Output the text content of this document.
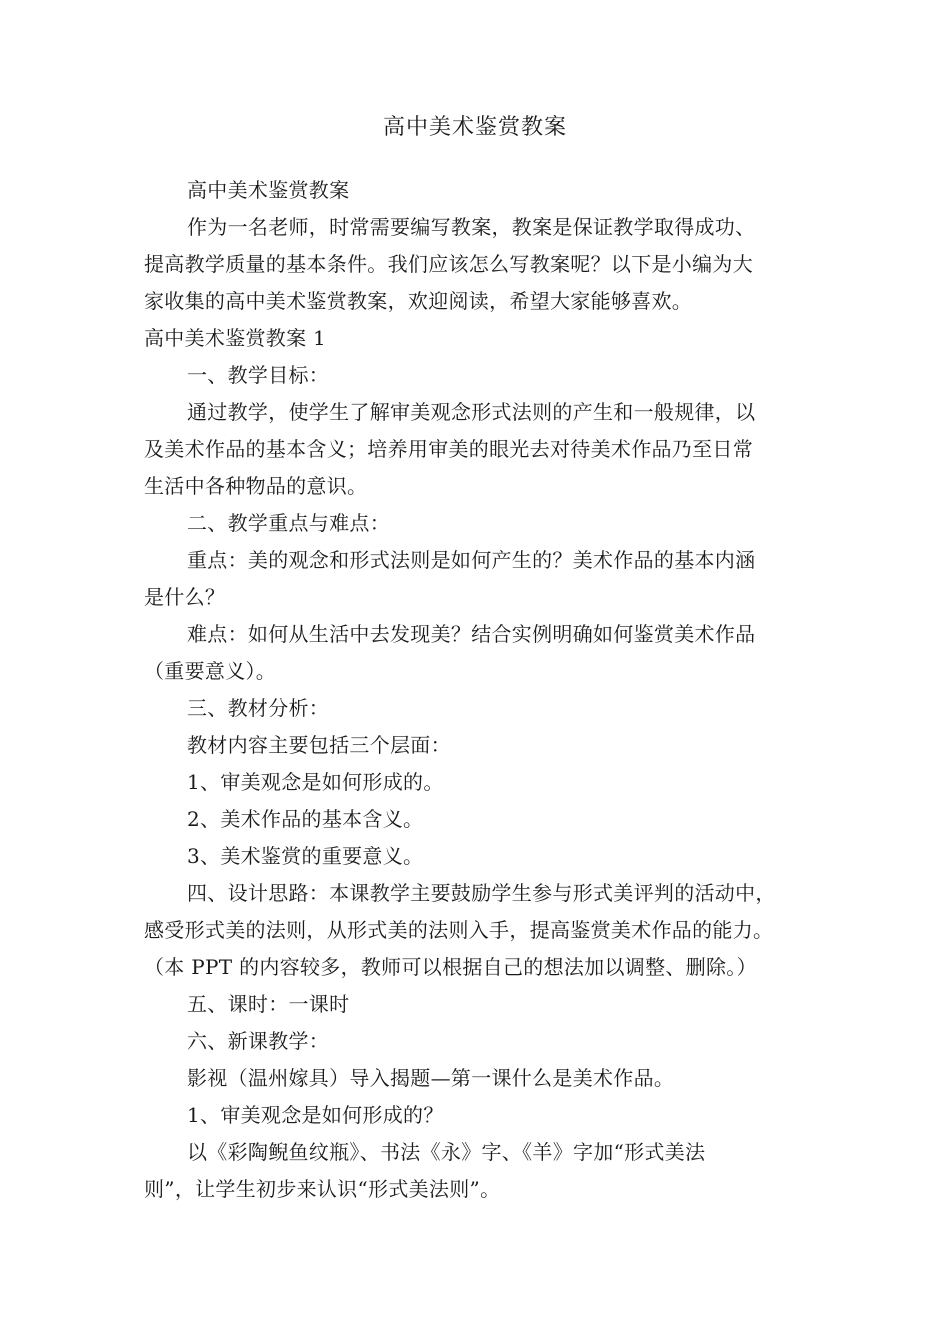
高中美术鉴赏教案
高中美术鉴赏教案
作为一名老师，时常需要编写教案，教案是保证教学取得成功、
提高教学质量的基本条件。我们应该怎么写教案呢？以下是小编为大
家收集的高中美术鉴赏教案，欢迎阅读，希望大家能够喜欢。
高中美术鉴赏教案 1
一、教学目标：
通过教学，使学生了解审美观念形式法则的产生和一般规律，以
及美术作品的基本含义；培养用审美的眼光去对待美术作品乃至日常
生活中各种物品的意识。
二、教学重点与难点：
重点：美的观念和形式法则是如何产生的？美术作品的基本内涵
是什么？
难点：如何从生活中去发现美？结合实例明确如何鉴赏美术作品
（重要意义）。
三、教材分析：
教材内容主要包括三个层面：
1、审美观念是如何形成的。
2、美术作品的基本含义。
3、美术鉴赏的重要意义。
四、设计思路：本课教学主要鼓励学生参与形式美评判的活动中，
感受形式美的法则，从形式美的法则入手，提高鉴赏美术作品的能力。
（本 PPT 的内容较多，教师可以根据自己的想法加以调整、删除。）
五、课时：一课时
六、新课教学：
影视（温州嫁具）导入揭题—第一课什么是美术作品。
1、审美观念是如何形成的？
以《彩陶鲵鱼纹瓶》、书法《永》字、《羊》字加“形式美法
则”，让学生初步来认识“形式美法则”。
